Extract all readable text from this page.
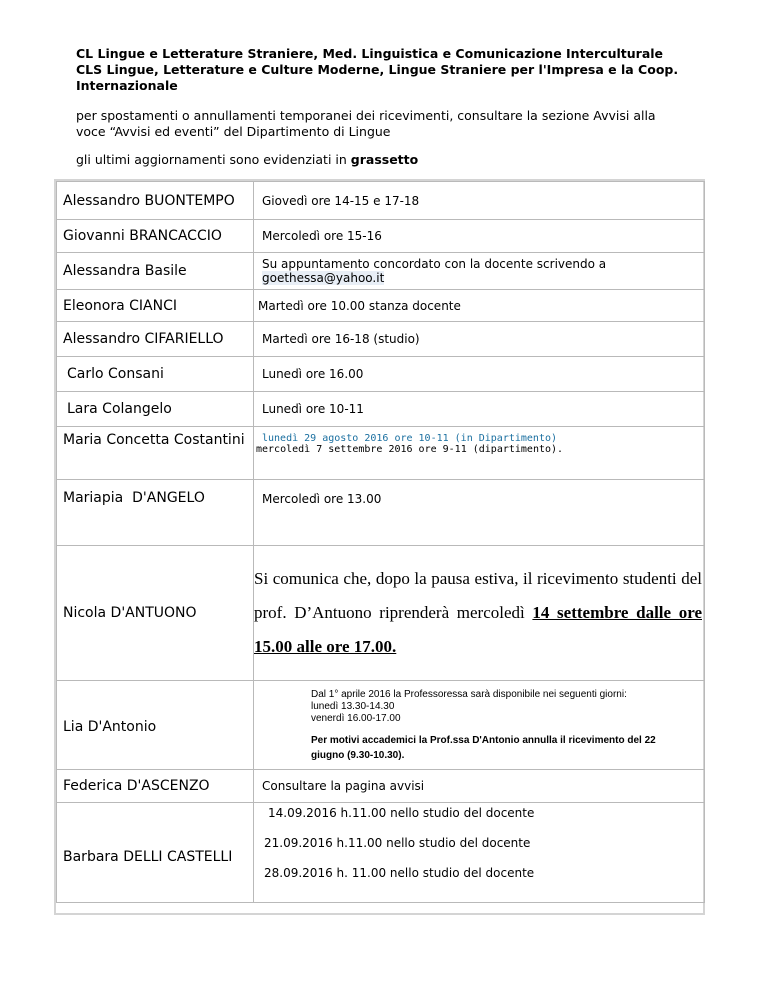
CL Lingue e Letterature Straniere, Med. Linguistica e Comunicazione Interculturale
CLS Lingue, Letterature e Culture Moderne, Lingue Straniere per l'Impresa e la Coop.
Internazionale
per spostamenti o annullamenti temporanei dei ricevimenti, consultare la sezione Avvisi alla
voce “Avvisi ed eventi” del Dipartimento di Lingue
gli ultimi aggiornamenti sono evidenziati in grassetto
Alessandro BUONTEMPO	Giovedì ore 14-15 e 17-18
Giovanni BRANCACCIO	Mercoledì ore 15-16
Alessandra Basile	Su appuntamento concordato con la docente scrivendo a
goethessa@yahoo.it
Eleonora CIANCI	Martedì ore 10.00 stanza docente
Alessandro CIFARIELLO	Martedì ore 16-18 (studio)
Carlo Consani	Lunedì ore 16.00
Lara Colangelo	Lunedì ore 10-11
Maria Concetta Costantini	lunedì 29 agosto 2016 ore 10-11 (in Dipartimento)
mercoledì 7 settembre 2016 ore 9-11 (dipartimento).

Mariapia  D'ANGELO	Mercoledì ore 13.00
Nicola D'ANTUONO	Si comunica che, dopo la pausa estiva, il ricevimento studenti del prof. D’Antuono riprenderà mercoledì 14 settembre dalle ore 15.00 alle ore 17.00.

Lia D'Antonio	Dal 1° aprile 2016 la Professoressa sarà disponibile nei seguenti giorni:
lunedì 13.30-14.30
venerdì 16.00-17.00
Per motivi accademici la Prof.ssa D'Antonio annulla il ricevimento del 22
giugno (9.30-10.30).

Federica D'ASCENZO	Consultare la pagina avvisi
Barbara DELLI CASTELLI	14.09.2016 h.11.00 nello studio del docente
21.09.2016 h.11.00 nello studio del docente
28.09.2016 h. 11.00 nello studio del docente
